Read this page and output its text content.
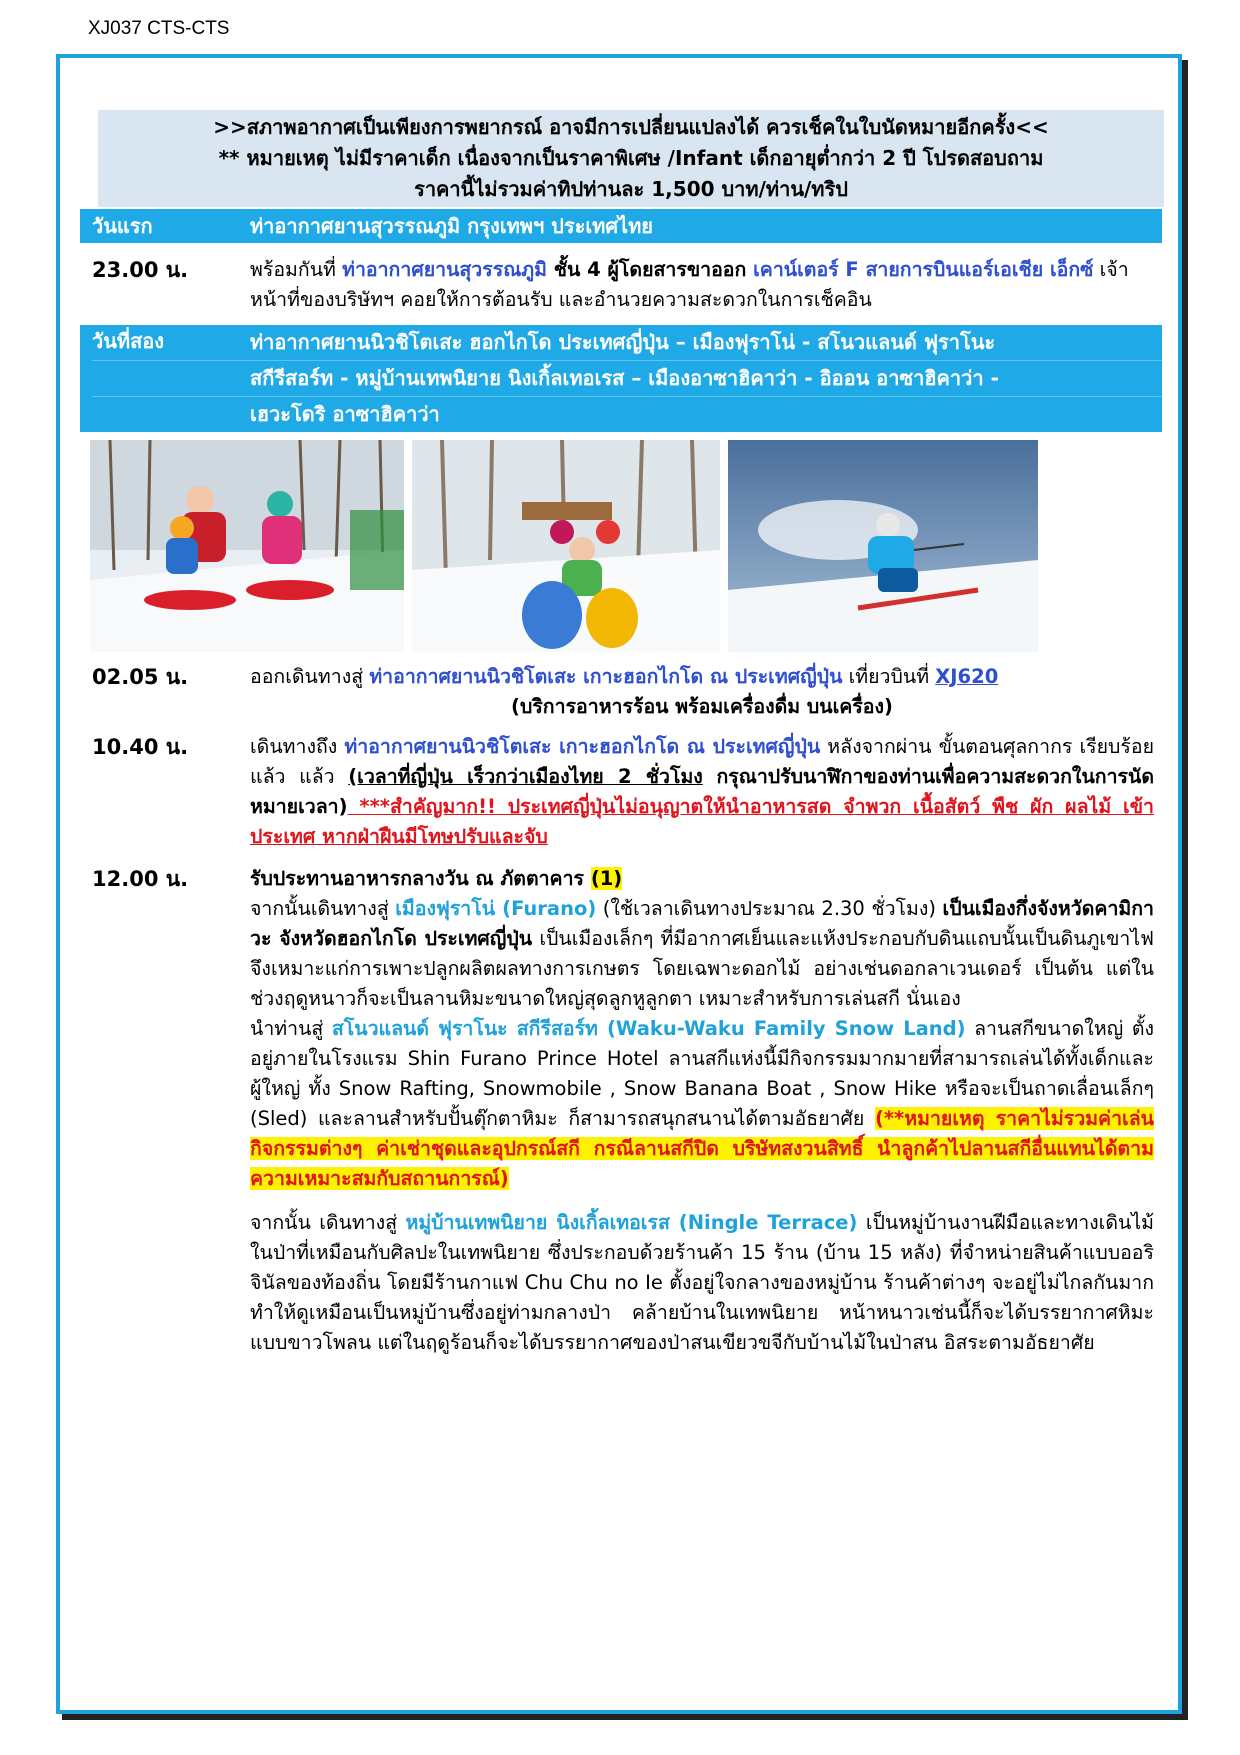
XJ037 CTS-CTS
>>สภาพอากาศเป็นเพียงการพยากรณ์ อาจมีการเปลี่ยนแปลงได้ ควรเช็คในใบนัดหมายอีกครั้ง<<
** หมายเหตุ ไม่มีราคาเด็ก เนื่องจากเป็นราคาพิเศษ /Infant เด็กอายุต่ำกว่า 2 ปี โปรดสอบถาม
ราคานี้ไม่รวมค่าทิปท่านละ 1,500 บาท/ท่าน/ทริป
วันแรก	ท่าอากาศยานสุวรรณภูมิ กรุงเทพฯ ประเทศไทย
23.00 น.	พร้อมกันที่ ท่าอากาศยานสุวรรณภูมิ ชั้น 4 ผู้โดยสารขาออก เคาน์เตอร์ F สายการบินแอร์เอเชีย เอ็กซ์ เจ้าหน้าที่ของบริษัทฯ คอยให้การต้อนรับ และอำนวยความสะดวกในการเช็คอิน
วันที่สอง	ท่าอากาศยานนิวชิโตเสะ ฮอกไกโด ประเทศญี่ปุ่น – เมืองฟุราโน่ - สโนวแลนด์ ฟุราโนะ
สกีรีสอร์ท - หมู่บ้านเทพนิยาย นิงเกิ้ลเทอเรส – เมืองอาซาฮิคาว่า - อิออน อาซาฮิคาว่า -
เฮวะโดริ อาซาฮิคาว่า
02.05 น.	ออกเดินทางสู่ ท่าอากาศยานนิวชิโตเสะ เกาะฮอกไกโด ณ ประเทศญี่ปุ่น เที่ยวบินที่ XJ620
(บริการอาหารร้อน พร้อมเครื่องดื่ม บนเครื่อง)
10.40 น.	เดินทางถึง ท่าอากาศยานนิวชิโตเสะ เกาะฮอกไกโด ณ ประเทศญี่ปุ่น หลังจากผ่าน ขั้นตอนศุลกากร เรียบร้อยแล้ว แล้ว (เวลาที่ญี่ปุ่น เร็วกว่าเมืองไทย 2 ชั่วโมง กรุณาปรับนาฬิกาของท่านเพื่อความสะดวกในการนัดหมายเวลา) ***สำคัญมาก!! ประเทศญี่ปุ่นไม่อนุญาตให้นำอาหารสด จำพวก เนื้อสัตว์ พืช ผัก ผลไม้ เข้าประเทศ หากฝ่าฝืนมีโทษปรับและจับ
12.00 น.	รับประทานอาหารกลางวัน ณ ภัตตาคาร (1)
จากนั้นเดินทางสู่ เมืองฟุราโน่ (Furano) (ใช้เวลาเดินทางประมาณ 2.30 ชั่วโมง) เป็นเมืองกึ่งจังหวัดคามิกาวะ จังหวัดฮอกไกโด ประเทศญี่ปุ่น เป็นเมืองเล็กๆ ที่มีอากาศเย็นและแห้งประกอบกับดินแถบนั้นเป็นดินภูเขาไฟจึงเหมาะแก่การเพาะปลูกผลิตผลทางการเกษตร โดยเฉพาะดอกไม้ อย่างเช่นดอกลาเวนเดอร์ เป็นต้น แต่ในช่วงฤดูหนาวก็จะเป็นลานหิมะขนาดใหญ่สุดลูกหูลูกตา เหมาะสำหรับการเล่นสกี นั่นเอง
นำท่านสู่ สโนวแลนด์ ฟุราโนะ สกีรีสอร์ท (Waku-Waku Family Snow Land) ลานสกีขนาดใหญ่ ตั้งอยู่ภายในโรงแรม Shin Furano Prince Hotel ลานสกีแห่งนี้มีกิจกรรมมากมายที่สามารถเล่นได้ทั้งเด็กและผู้ใหญ่ ทั้ง Snow Rafting, Snowmobile , Snow Banana Boat , Snow Hike หรือจะเป็นถาดเลื่อนเล็กๆ (Sled) และลานสำหรับปั้นตุ๊กตาหิมะ ก็สามารถสนุกสนานได้ตามอัธยาศัย (**หมายเหตุ ราคาไม่รวมค่าเล่นกิจกรรมต่างๆ ค่าเช่าชุดและอุปกรณ์สกี กรณีลานสกีปิด บริษัทสงวนสิทธิ์ นำลูกค้าไปลานสกีอื่นแทนได้ตามความเหมาะสมกับสถานการณ์)
จากนั้น เดินทางสู่ หมู่บ้านเทพนิยาย นิงเกิ้ลเทอเรส (Ningle Terrace) เป็นหมู่บ้านงานฝีมือและทางเดินไม้ในป่าที่เหมือนกับศิลปะในเทพนิยาย ซึ่งประกอบด้วยร้านค้า 15 ร้าน (บ้าน 15 หลัง) ที่จำหน่ายสินค้าแบบออริจินัลของท้องถิ่น โดยมีร้านกาแฟ Chu Chu no Ie ตั้งอยู่ใจกลางของหมู่บ้าน ร้านค้าต่างๆ จะอยู่ไม่ไกลกันมาก ทำให้ดูเหมือนเป็นหมู่บ้านซึ่งอยู่ท่ามกลางป่า คล้ายบ้านในเทพนิยาย หน้าหนาวเช่นนี้ก็จะได้บรรยากาศหิมะแบบขาวโพลน แต่ในฤดูร้อนก็จะได้บรรยากาศของป่าสนเขียวขจีกับบ้านไม้ในป่าสน อิสระตามอัธยาศัย
